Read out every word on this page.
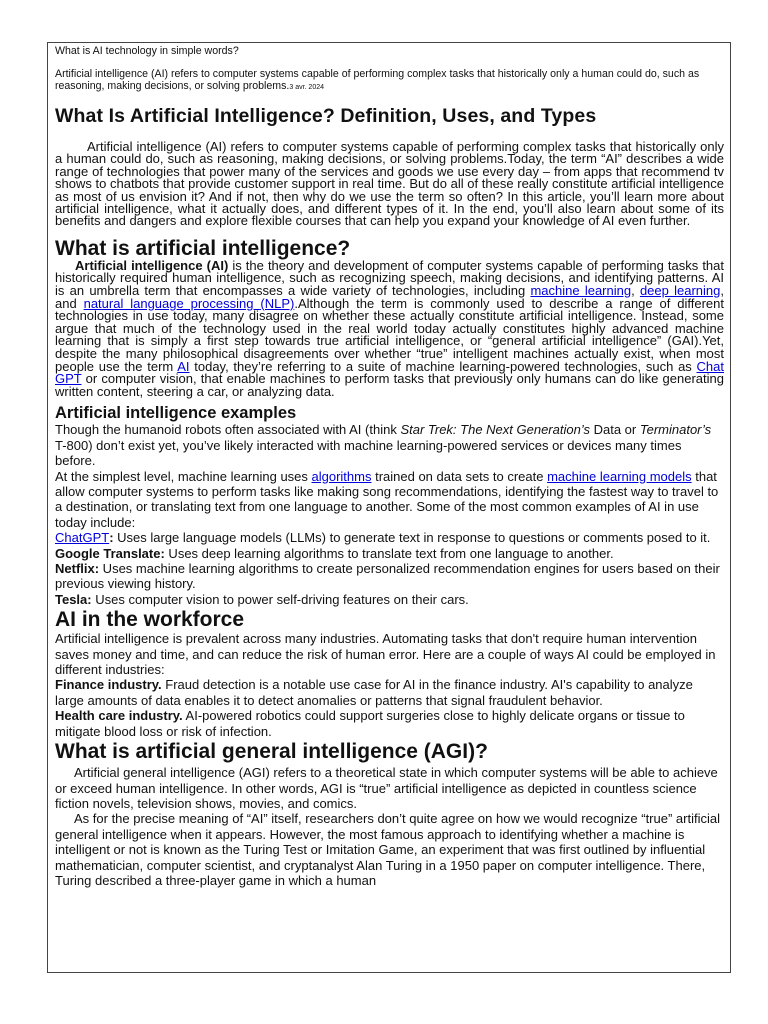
What is AI technology in simple words?

Artificial intelligence (AI) refers to computer systems capable of performing complex tasks that historically only a human could do, such as reasoning, making decisions, or solving problems.3 avr. 2024

What Is Artificial Intelligence? Definition, Uses, and Types

Artificial intelligence (AI) refers to computer systems capable of performing complex tasks that historically only a human could do, such as reasoning, making decisions, or solving problems.Today, the term “AI” describes a wide range of technologies that power many of the services and goods we use every day – from apps that recommend tv shows to chatbots that provide customer support in real time. But do all of these really constitute artificial intelligence as most of us envision it? And if not, then why do we use the term so often? In this article, you’ll learn more about artificial intelligence, what it actually does, and different types of it. In the end, you’ll also learn about some of its benefits and dangers and explore flexible courses that can help you expand your knowledge of AI even further.

What is artificial intelligence?

Artificial intelligence (AI) is the theory and development of computer systems capable of performing tasks that historically required human intelligence, such as recognizing speech, making decisions, and identifying patterns. AI is an umbrella term that encompasses a wide variety of technologies, including machine learning, deep learning, and natural language processing (NLP).Although the term is commonly used to describe a range of different technologies in use today, many disagree on whether these actually constitute artificial intelligence. Instead, some argue that much of the technology used in the real world today actually constitutes highly advanced machine learning that is simply a first step towards true artificial intelligence, or “general artificial intelligence” (GAI).Yet, despite the many philosophical disagreements over whether “true” intelligent machines actually exist, when most people use the term AI today, they’re referring to a suite of machine learning-powered technologies, such as Chat GPT or computer vision, that enable machines to perform tasks that previously only humans can do like generating written content, steering a car, or analyzing data.

Artificial intelligence examples

Though the humanoid robots often associated with AI (think Star Trek: The Next Generation’s Data or Terminator’s T-800) don’t exist yet, you’ve likely interacted with machine learning-powered services or devices many times before.

At the simplest level, machine learning uses algorithms trained on data sets to create machine learning models that allow computer systems to perform tasks like making song recommendations, identifying the fastest way to travel to a destination, or translating text from one language to another. Some of the most common examples of AI in use today include:

ChatGPT: Uses large language models (LLMs) to generate text in response to questions or comments posed to it.

Google Translate: Uses deep learning algorithms to translate text from one language to another.

Netflix: Uses machine learning algorithms to create personalized recommendation engines for users based on their previous viewing history.

Tesla: Uses computer vision to power self-driving features on their cars.

AI in the workforce

Artificial intelligence is prevalent across many industries. Automating tasks that don't require human intervention saves money and time, and can reduce the risk of human error. Here are a couple of ways AI could be employed in different industries:

Finance industry. Fraud detection is a notable use case for AI in the finance industry. AI's capability to analyze large amounts of data enables it to detect anomalies or patterns that signal fraudulent behavior.

Health care industry. AI-powered robotics could support surgeries close to highly delicate organs or tissue to mitigate blood loss or risk of infection.

What is artificial general intelligence (AGI)?

Artificial general intelligence (AGI) refers to a theoretical state in which computer systems will be able to achieve or exceed human intelligence. In other words, AGI is “true” artificial intelligence as depicted in countless science fiction novels, television shows, movies, and comics.

As for the precise meaning of “AI” itself, researchers don’t quite agree on how we would recognize “true” artificial general intelligence when it appears. However, the most famous approach to identifying whether a machine is intelligent or not is known as the Turing Test or Imitation Game, an experiment that was first outlined by influential mathematician, computer scientist, and cryptanalyst Alan Turing in a 1950 paper on computer intelligence. There, Turing described a three-player game in which a human
